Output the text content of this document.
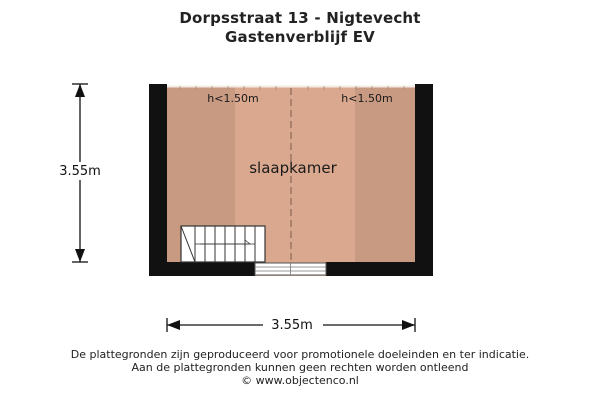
Dorpsstraat 13 - Nigtevecht
Gastenverblijf EV
h<1.50m	h<1.50m
slaapkamer
3.55m
3.55m
De plattegronden zijn geproduceerd voor promotionele doeleinden en ter indicatie.
Aan de plattegronden kunnen geen rechten worden ontleend
© www.objectenco.nl
